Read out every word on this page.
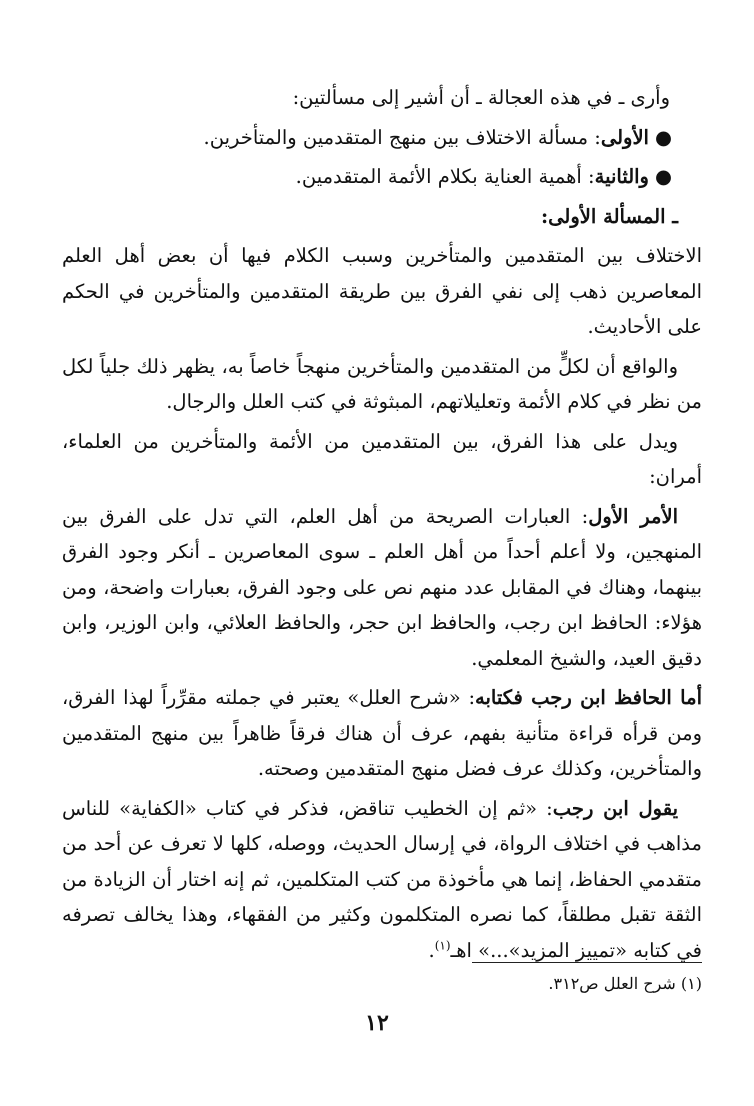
وأرى ـ في هذه العجالة ـ أن أشير إلى مسألتين:

●الأولى: مسألة الاختلاف بين منهج المتقدمين والمتأخرين.

●والثانية: أهمية العناية بكلام الأئمة المتقدمين.

ـ المسألة الأولى:

الاختلاف بين المتقدمين والمتأخرين وسبب الكلام فيها أن بعض أهل العلم المعاصرين ذهب إلى نفي الفرق بين طريقة المتقدمين والمتأخرين في الحكم على الأحاديث.

والواقع أن لكلٍّ من المتقدمين والمتأخرين منهجاً خاصاً به، يظهر ذلك جلياً لكل من نظر في كلام الأئمة وتعليلاتهم، المبثوثة في كتب العلل والرجال.

ويدل على هذا الفرق، بين المتقدمين من الأئمة والمتأخرين من العلماء، أمران:

الأمر الأول: العبارات الصريحة من أهل العلم، التي تدل على الفرق بين المنهجين، ولا أعلم أحداً من أهل العلم ـ سوى المعاصرين ـ أنكر وجود الفرق بينهما، وهناك في المقابل عدد منهم نص على وجود الفرق، بعبارات واضحة، ومن هؤلاء: الحافظ ابن رجب، والحافظ ابن حجر، والحافظ العلائي، وابن الوزير، وابن دقيق العيد، والشيخ المعلمي.

أما الحافظ ابن رجب فكتابه: «شرح العلل» يعتبر في جملته مقرِّراً لهذا الفرق، ومن قرأه قراءة متأنية بفهم، عرف أن هناك فرقاً ظاهراً بين منهج المتقدمين والمتأخرين، وكذلك عرف فضل منهج المتقدمين وصحته.

يقول ابن رجب: «ثم إن الخطيب تناقض، فذكر في كتاب «الكفاية» للناس مذاهب في اختلاف الرواة، في إرسال الحديث، ووصله، كلها لا تعرف عن أحد من متقدمي الحفاظ، إنما هي مأخوذة من كتب المتكلمين، ثم إنه اختار أن الزيادة من الثقة تقبل مطلقاً، كما نصره المتكلمون وكثير من الفقهاء، وهذا يخالف تصرفه في كتابه «تمييز المزيد»...» اهـ$^{(١)}$.

(١) شرح العلل ص٣١٢.
١٢
